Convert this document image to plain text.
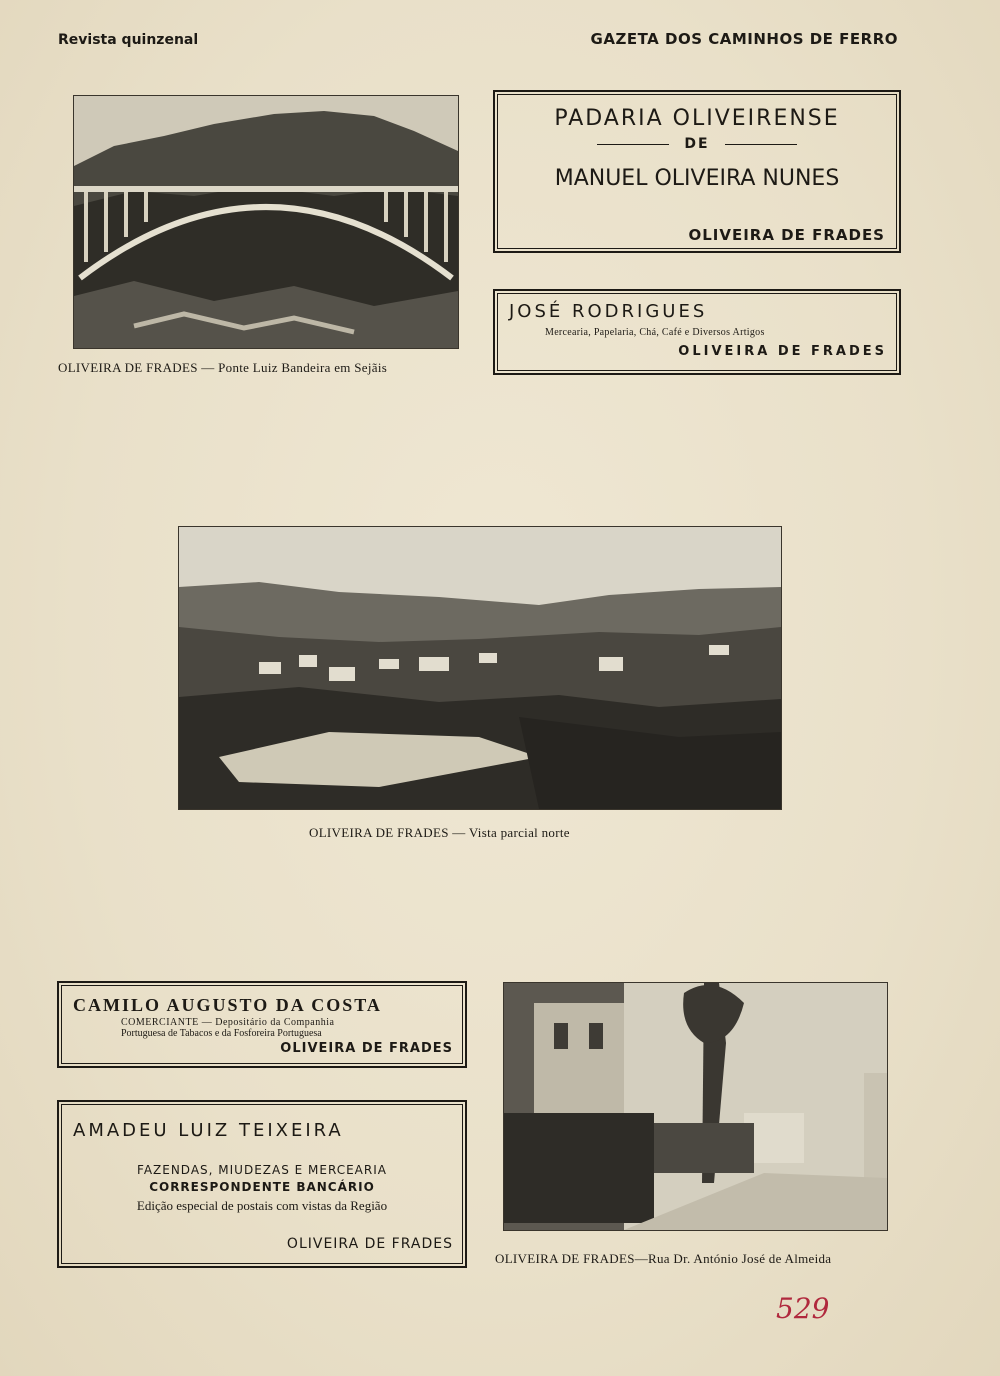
Revista quinzenal	GAZETA DOS CAMINHOS DE FERRO
OLIVEIRA DE FRADES — Ponte Luiz Bandeira em Sejãis
PADARIA OLIVEIRENSE
DE
MANUEL OLIVEIRA NUNES
OLIVEIRA DE FRADES
JOSÉ RODRIGUES
Mercearia, Papelaria, Chá, Café e Diversos Artigos
OLIVEIRA DE FRADES
OLIVEIRA DE FRADES — Vista parcial norte
CAMILO AUGUSTO DA COSTA
COMERCIANTE — Depositário da Companhia
Portuguesa de Tabacos e da Fosforeira Portuguesa
OLIVEIRA DE FRADES
AMADEU LUIZ TEIXEIRA
FAZENDAS, MIUDEZAS E MERCEARIA
CORRESPONDENTE BANCÁRIO
Edição especial de postais com vistas da Região
OLIVEIRA DE FRADES
OLIVEIRA DE FRADES—Rua Dr. António José de Almeida
529
